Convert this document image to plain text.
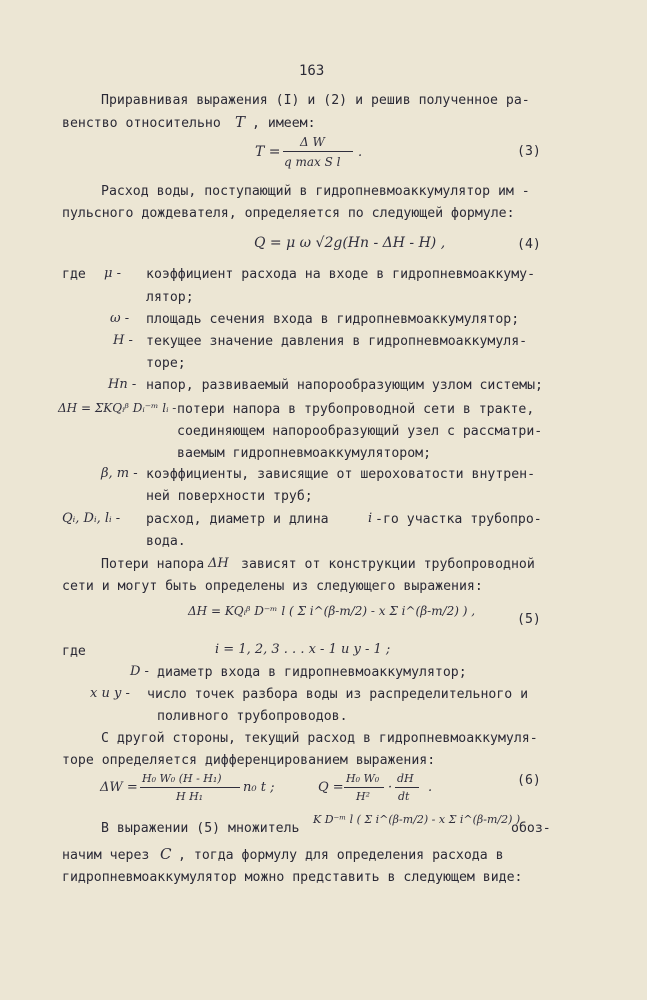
163
Приравнивая выражения (I) и (2) и решив полученное ра-
венство относительно T , имеем:
T =
Δ W
q max S l
.	(3)
Расход воды, поступающий в гидропневмоаккумулятор им -
пульсного дождевателя, определяется по следующей формуле:
Q = μ ω √2g(Hп - ΔH - H) ,	(4)
где μ - коэффициент расхода на входе в гидропневмоаккуму-
лятор;
ω - площадь сечения входа в гидропневмоаккумулятор;
H - текущее значение давления в гидропневмоаккумуля-
торе;
Hп - напор, развиваемый напорообразующим узлом системы;
ΔH = ΣKQᵢᵝ Dᵢ⁻ᵐ lᵢ - потери напора в трубопроводной сети в тракте,
соединяющем напорообразующий узел с рассматри-
ваемым гидропневмоаккумулятором;
β, m - коэффициенты, зависящие от шероховатости внутрен-
ней поверхности труб;
Qᵢ, Dᵢ, lᵢ - расход, диаметр и длина	i -го участка трубопро-
вода.
Потери напора ΔH зависят от конструкции трубопроводной
сети и могут быть определены из следующего выражения:
ΔH = KQᵢᵝ D⁻ᵐ l ( Σ i^(β-m/2) - x Σ i^(β-m/2) ) ,
(5)
где	i = 1, 2, 3 . . . x - 1 и y - 1 ;
D - диаметр входа в гидропневмоаккумулятор;
x и y - число точек разбора воды из распределительного и
поливного трубопроводов.
С другой стороны, текущий расход в гидропневмоаккумуля-
торе определяется дифференцированием выражения:
ΔW =
H₀ W₀ (H - H₁)
H H₁
n₀ t ;	Q =
H₀ W₀
H²
·
dH
dt
.	(6)
В выражении (5) множитель
K D⁻ᵐ l ( Σ i^(β-m/2) - x Σ i^(β-m/2) )
обоз-
начим через C , тогда формулу для определения расхода в
гидропневмоаккумулятор можно представить в следующем виде:
